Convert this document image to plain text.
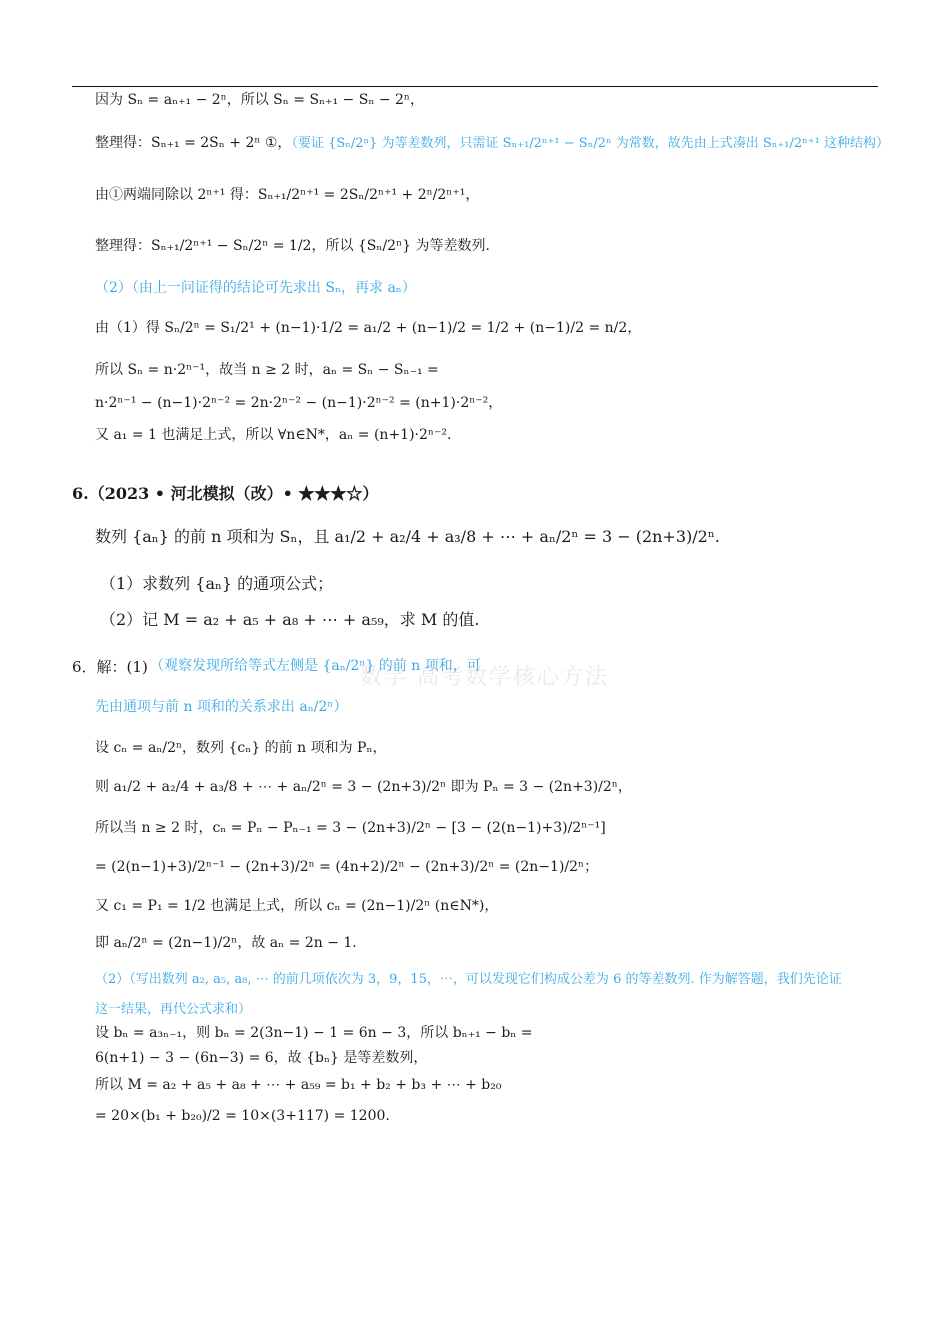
数学 高考数学核心方法
因为 Sₙ = aₙ₊₁ − 2ⁿ，所以 Sₙ = Sₙ₊₁ − Sₙ − 2ⁿ，
整理得：Sₙ₊₁ = 2Sₙ + 2ⁿ ①，（要证 {Sₙ/2ⁿ} 为等差数列，只需证 Sₙ₊₁/2ⁿ⁺¹ − Sₙ/2ⁿ 为常数，故先由上式凑出 Sₙ₊₁/2ⁿ⁺¹ 这种结构）
由①两端同除以 2ⁿ⁺¹ 得：Sₙ₊₁/2ⁿ⁺¹ = 2Sₙ/2ⁿ⁺¹ + 2ⁿ/2ⁿ⁺¹，
整理得：Sₙ₊₁/2ⁿ⁺¹ − Sₙ/2ⁿ = 1/2，所以 {Sₙ/2ⁿ} 为等差数列.
（2）（由上一问证得的结论可先求出 Sₙ，再求 aₙ）
由（1）得 Sₙ/2ⁿ = S₁/2¹ + (n−1)·1/2 = a₁/2 + (n−1)/2 = 1/2 + (n−1)/2 = n/2，
所以 Sₙ = n·2ⁿ⁻¹，故当 n ≥ 2 时，aₙ = Sₙ − Sₙ₋₁ =
n·2ⁿ⁻¹ − (n−1)·2ⁿ⁻² = 2n·2ⁿ⁻² − (n−1)·2ⁿ⁻² = (n+1)·2ⁿ⁻²，
又 a₁ = 1 也满足上式，所以 ∀n∈N*，aₙ = (n+1)·2ⁿ⁻².
6.（2023 • 河北模拟（改）• ★★★☆）
数列 {aₙ} 的前 n 项和为 Sₙ，且 a₁/2 + a₂/4 + a₃/8 + ⋯ + aₙ/2ⁿ = 3 − (2n+3)/2ⁿ.
（1）求数列 {aₙ} 的通项公式；
（2）记 M = a₂ + a₅ + a₈ + ⋯ + a₅₉，求 M 的值.
6．解：(1) （观察发现所给等式左侧是 {aₙ/2ⁿ} 的前 n 项和，可
先由通项与前 n 项和的关系求出 aₙ/2ⁿ）
设 cₙ = aₙ/2ⁿ，数列 {cₙ} 的前 n 项和为 Pₙ，
则 a₁/2 + a₂/4 + a₃/8 + ⋯ + aₙ/2ⁿ = 3 − (2n+3)/2ⁿ 即为 Pₙ = 3 − (2n+3)/2ⁿ，
所以当 n ≥ 2 时，cₙ = Pₙ − Pₙ₋₁ = 3 − (2n+3)/2ⁿ − [3 − (2(n−1)+3)/2ⁿ⁻¹]
= (2(n−1)+3)/2ⁿ⁻¹ − (2n+3)/2ⁿ = (4n+2)/2ⁿ − (2n+3)/2ⁿ = (2n−1)/2ⁿ；
又 c₁ = P₁ = 1/2 也满足上式，所以 cₙ = (2n−1)/2ⁿ (n∈N*)，
即 aₙ/2ⁿ = (2n−1)/2ⁿ，故 aₙ = 2n − 1.
（2）（写出数列 a₂, a₅, a₈, ⋯ 的前几项依次为 3，9，15，⋯，可以发现它们构成公差为 6 的等差数列. 作为解答题，我们先论证
这一结果，再代公式求和）
设 bₙ = a₃ₙ₋₁，则 bₙ = 2(3n−1) − 1 = 6n − 3，所以 bₙ₊₁ − bₙ =
6(n+1) − 3 − (6n−3) = 6，故 {bₙ} 是等差数列，
所以 M = a₂ + a₅ + a₈ + ⋯ + a₅₉ = b₁ + b₂ + b₃ + ⋯ + b₂₀
= 20×(b₁ + b₂₀)/2 = 10×(3+117) = 1200.
